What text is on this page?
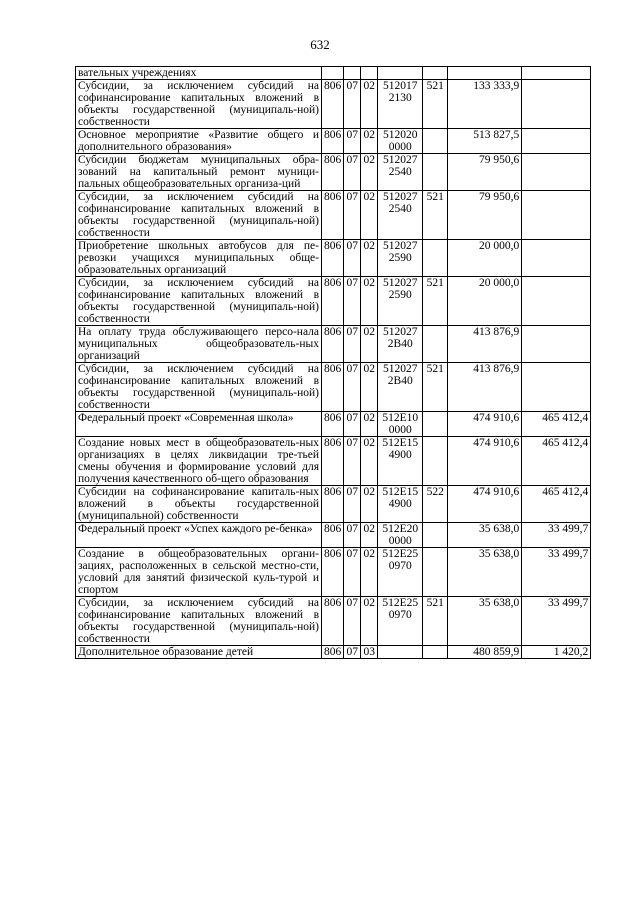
632
вательных учреждениях							
Субсидии, за исключением субсидий на софинансирование капитальных вложений в объекты государственной (муниципаль-ной) собственности	806	07	02	512017 2130	521	133 333,9	
Основное мероприятие «Развитие общего и дополнительного образования»	806	07	02	512020 0000		513 827,5	
Субсидии бюджетам муниципальных обра-зований на капитальный ремонт муници-пальных общеобразовательных организа-ций	806	07	02	512027 2540		79 950,6	
Субсидии, за исключением субсидий на софинансирование капитальных вложений в объекты государственной (муниципаль-ной) собственности	806	07	02	512027 2540	521	79 950,6	
Приобретение школьных автобусов для пе-ревозки учащихся муниципальных обще-образовательных организаций	806	07	02	512027 2590		20 000,0	
Субсидии, за исключением субсидий на софинансирование капитальных вложений в объекты государственной (муниципаль-ной) собственности	806	07	02	512027 2590	521	20 000,0	
На оплату труда обслуживающего персо-нала муниципальных общеобразователь-ных организаций	806	07	02	512027 2В40		413 876,9	
Субсидии, за исключением субсидий на софинансирование капитальных вложений в объекты государственной (муниципаль-ной) собственности	806	07	02	512027 2В40	521	413 876,9	
Федеральный проект «Современная школа»	806	07	02	512Е10 0000		474 910,6	465 412,4
Создание новых мест в общеобразователь-ных организациях в целях ликвидации тре-тьей смены обучения и формирование условий для получения качественного об-щего образования	806	07	02	512Е15 4900		474 910,6	465 412,4
Субсидии на софинансирование капиталь-ных вложений в объекты государственной (муниципальной) собственности	806	07	02	512Е15 4900	522	474 910,6	465 412,4
Федеральный проект «Успех каждого ре-бенка»	806	07	02	512Е20 0000		35 638,0	33 499,7
Создание в общеобразовательных органи-зациях, расположенных в сельской местно-сти, условий для занятий физической куль-турой и спортом	806	07	02	512Е25 0970		35 638,0	33 499,7
Субсидии, за исключением субсидий на софинансирование капитальных вложений в объекты государственной (муниципаль-ной) собственности	806	07	02	512Е25 0970	521	35 638,0	33 499,7
Дополнительное образование детей	806	07	03			480 859,9	1 420,2
